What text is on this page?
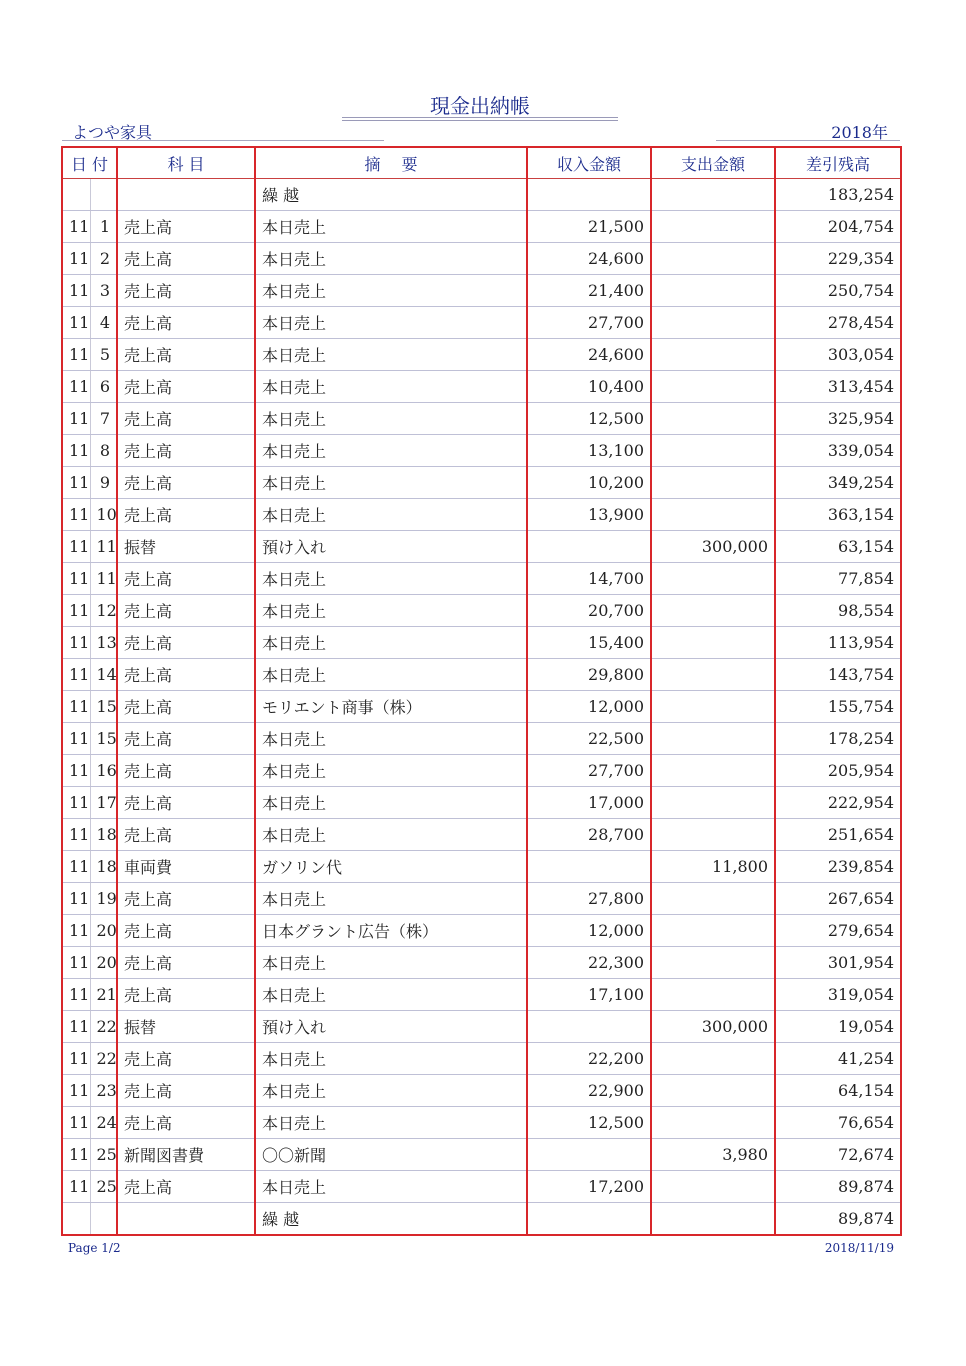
現金出納帳
よつや家具	2018年
日 付		科 目	摘　 要	収入金額	支出金額	差引残高
			繰 越			183,254
11	1	売上高	本日売上	21,500		204,754
11	2	売上高	本日売上	24,600		229,354
11	3	売上高	本日売上	21,400		250,754
11	4	売上高	本日売上	27,700		278,454
11	5	売上高	本日売上	24,600		303,054
11	6	売上高	本日売上	10,400		313,454
11	7	売上高	本日売上	12,500		325,954
11	8	売上高	本日売上	13,100		339,054
11	9	売上高	本日売上	10,200		349,254
11	10	売上高	本日売上	13,900		363,154
11	11	振替	預け入れ		300,000	63,154
11	11	売上高	本日売上	14,700		77,854
11	12	売上高	本日売上	20,700		98,554
11	13	売上高	本日売上	15,400		113,954
11	14	売上高	本日売上	29,800		143,754
11	15	売上高	モリエント商事（株）	12,000		155,754
11	15	売上高	本日売上	22,500		178,254
11	16	売上高	本日売上	27,700		205,954
11	17	売上高	本日売上	17,000		222,954
11	18	売上高	本日売上	28,700		251,654
11	18	車両費	ガソリン代		11,800	239,854
11	19	売上高	本日売上	27,800		267,654
11	20	売上高	日本グラント広告（株）	12,000		279,654
11	20	売上高	本日売上	22,300		301,954
11	21	売上高	本日売上	17,100		319,054
11	22	振替	預け入れ		300,000	19,054
11	22	売上高	本日売上	22,200		41,254
11	23	売上高	本日売上	22,900		64,154
11	24	売上高	本日売上	12,500		76,654
11	25	新聞図書費	〇〇新聞		3,980	72,674
11	25	売上高	本日売上	17,200		89,874
			繰 越			89,874
Page 1/2	2018/11/19
